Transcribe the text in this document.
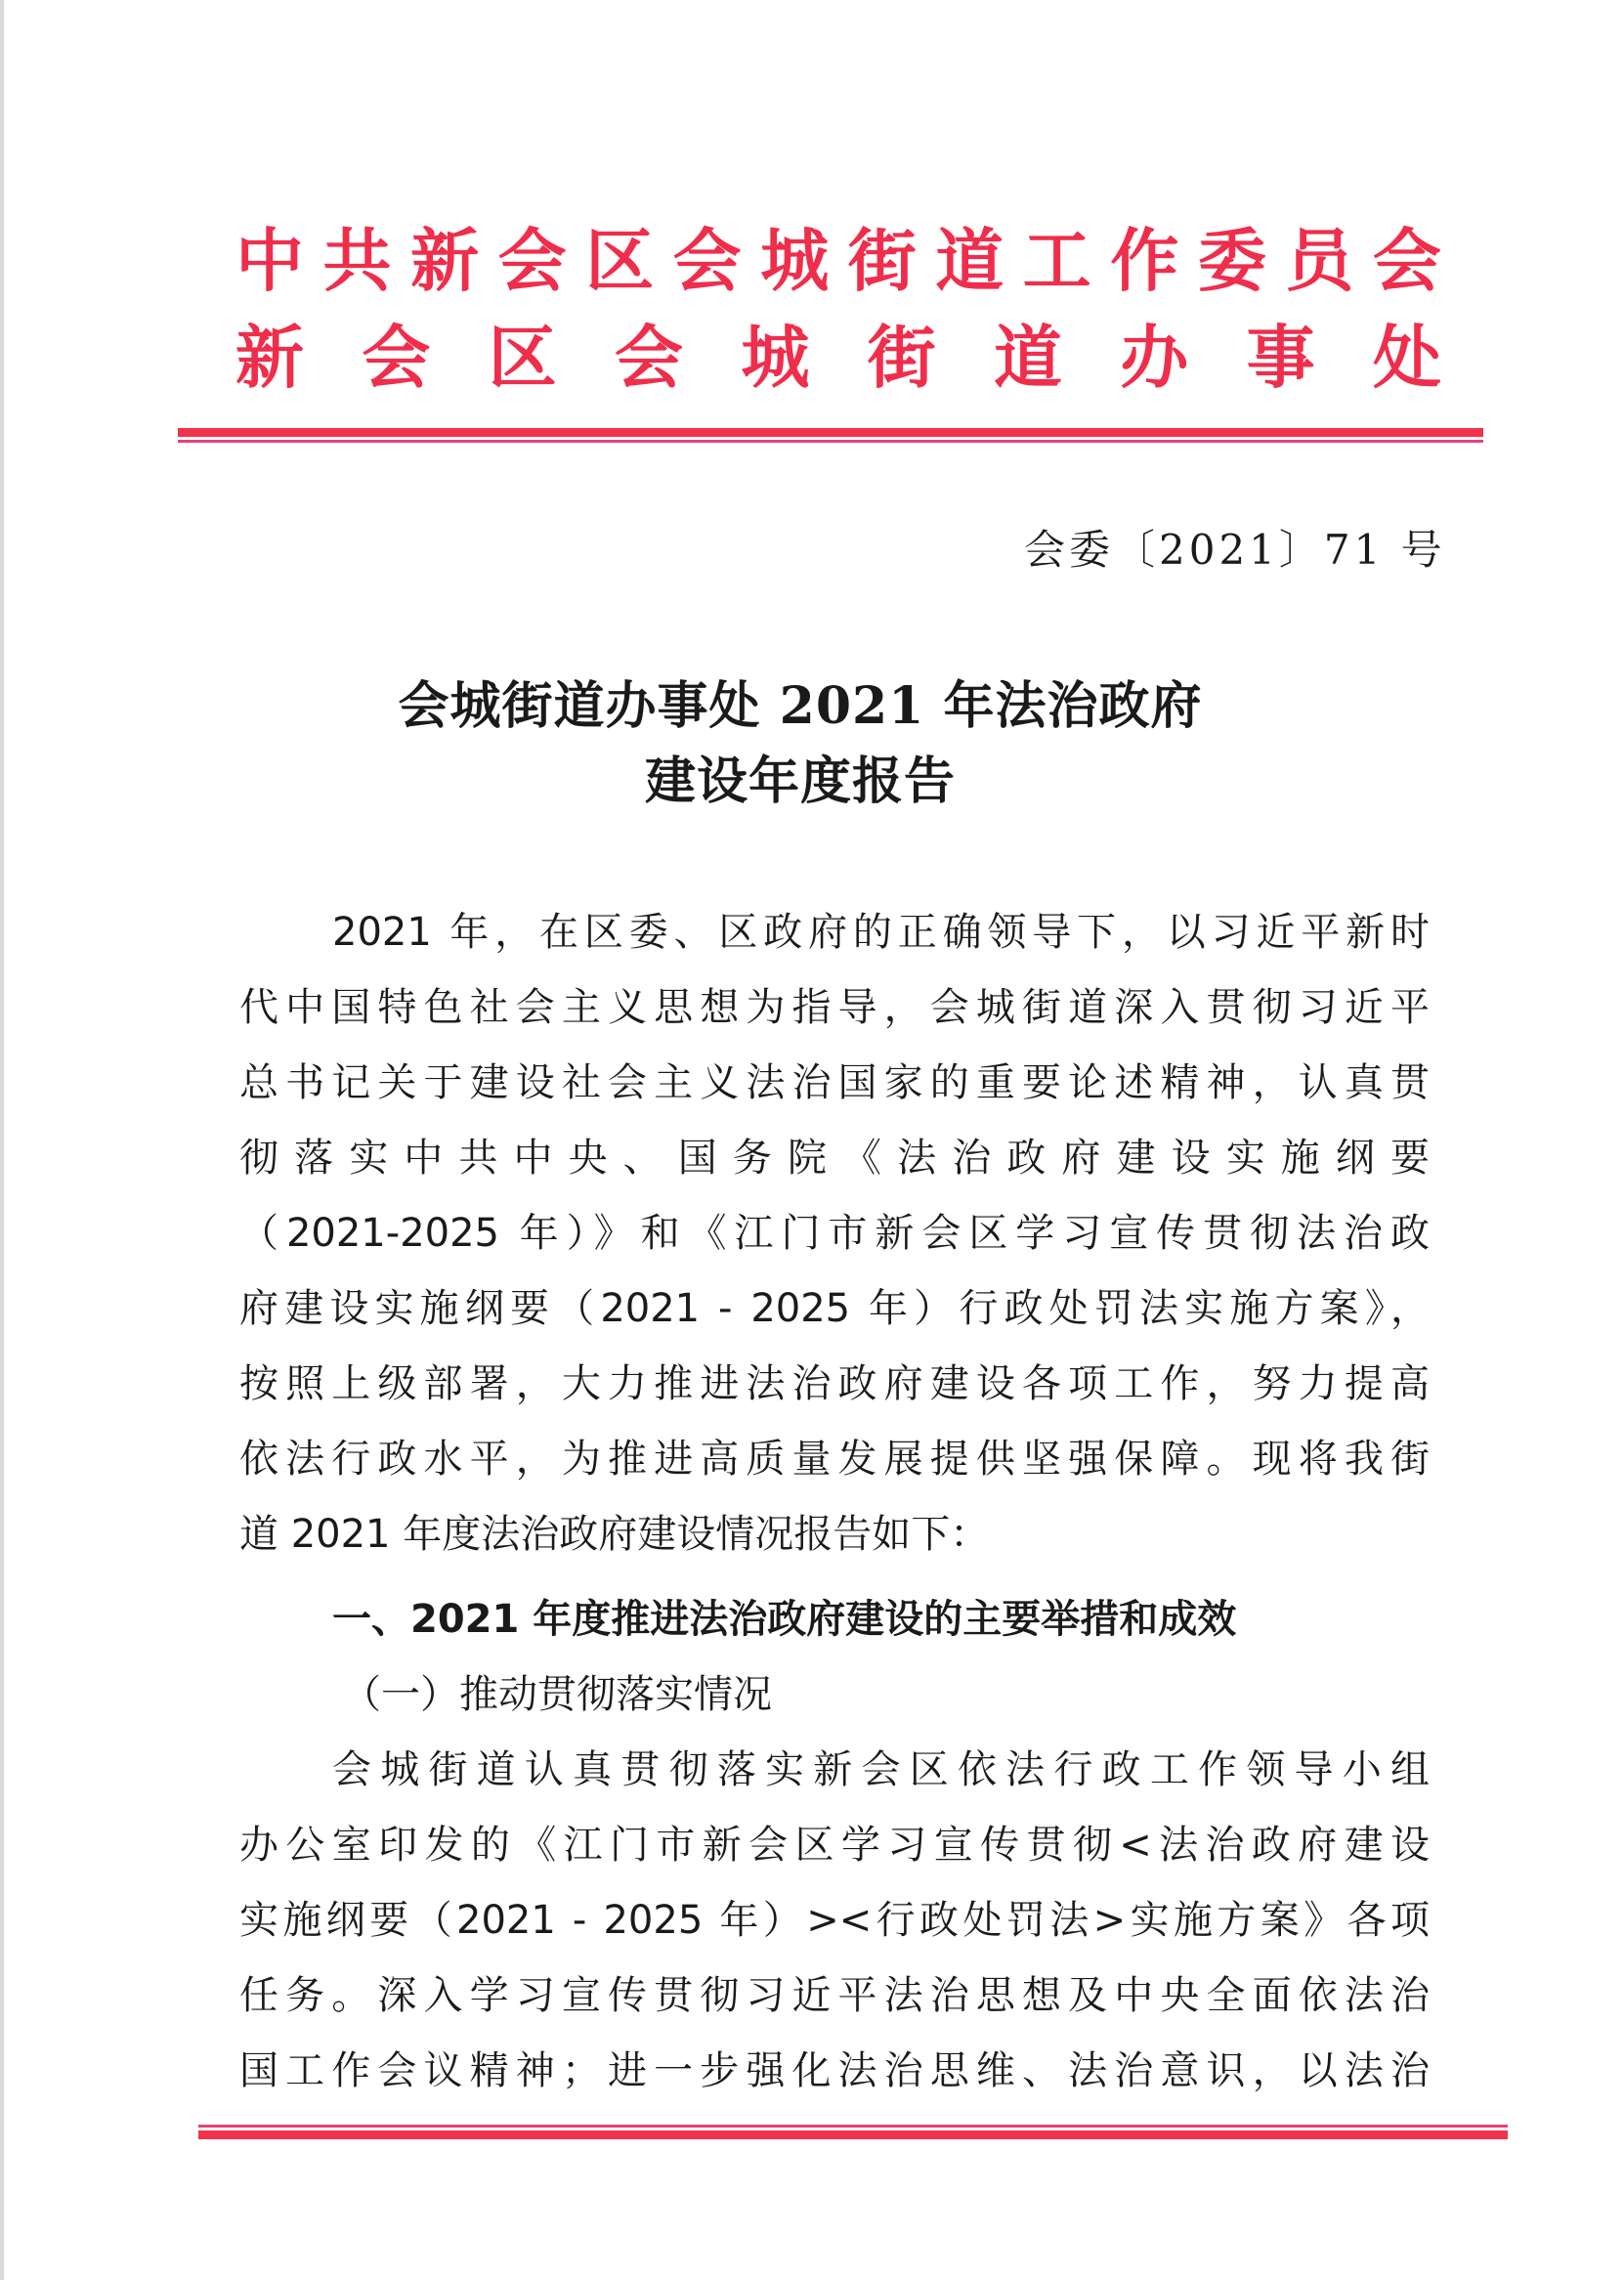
中 共 新 会 区 会 城 街 道 工 作 委 员 会
新 会 区 会 城 街 道 办 事 处
会委〔2021〕71 号
会城街道办事处 2021 年法治政府
建设年度报告
2021 年，在区委、区政府的正确领导下，以习近平新时
代中国特色社会主义思想为指导，会城街道深入贯彻习近平
总书记关于建设社会主义法治国家的重要论述精神，认真贯
彻落实中共中央、国务院《法治政府建设实施纲要
（2021-2025 年）》和《江门市新会区学习宣传贯彻法治政
府建设实施纲要（2021 - 2025 年）行政处罚法实施方案》，
按照上级部署，大力推进法治政府建设各项工作，努力提高
依法行政水平，为推进高质量发展提供坚强保障。现将我街
道 2021 年度法治政府建设情况报告如下：
一、2021 年度推进法治政府建设的主要举措和成效
（一）推动贯彻落实情况
会城街道认真贯彻落实新会区依法行政工作领导小组
办公室印发的《江门市新会区学习宣传贯彻<法治政府建设
实施纲要（2021 - 2025 年）><行政处罚法>实施方案》各项
任务。深入学习宣传贯彻习近平法治思想及中央全面依法治
国工作会议精神；进一步强化法治思维、法治意识，以法治
